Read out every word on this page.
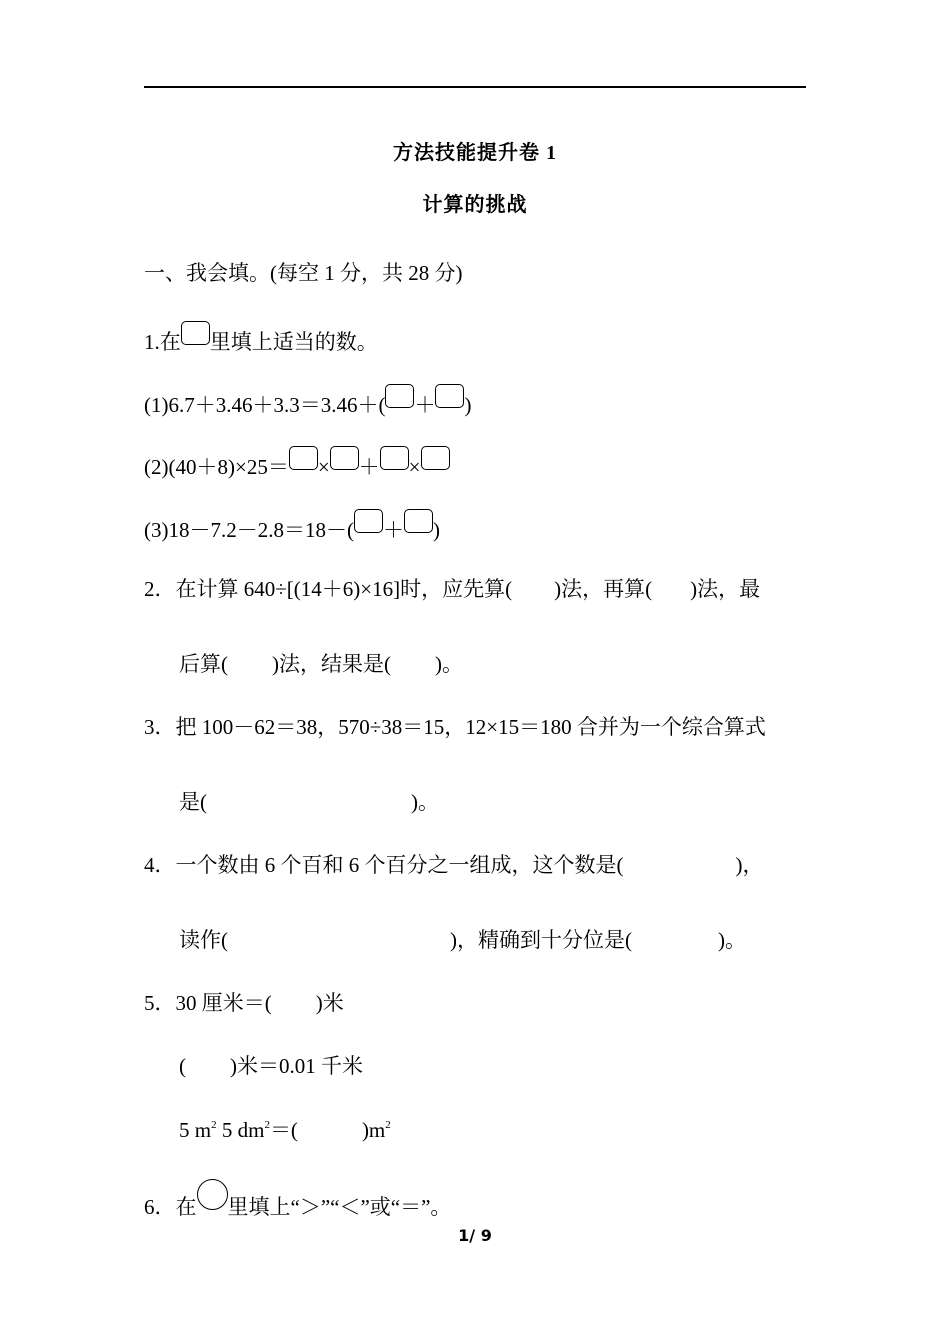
方法技能提升卷 1
计算的挑战
一、我会填。(每空 1 分，共 28 分)
1.在 里填上适当的数。
(1)6.7＋3.46＋3.3＝3.46＋( ＋ )
(2)(40＋8)×25＝ × ＋ ×
(3)18－7.2－2.8＝18－( ＋ )
2．在计算 640÷[(14＋6)×16]时，应先算( )法，再算( )法，最
后算( )法，结果是( )。
3．把 100－62＝38，570÷38＝15，12×15＝180 合并为一个综合算式
是(	)。
4．一个数由 6 个百和 6 个百分之一组成，这个数是(	)，
读作(	)，精确到十分位是(	)。
5．30 厘米＝( )米
( )米＝0.01 千米
5 $m^2$ 5 $dm^2=$(	)$m^2$
6．在 里填上“＞”“＜”或“＝”。
1/ 9
